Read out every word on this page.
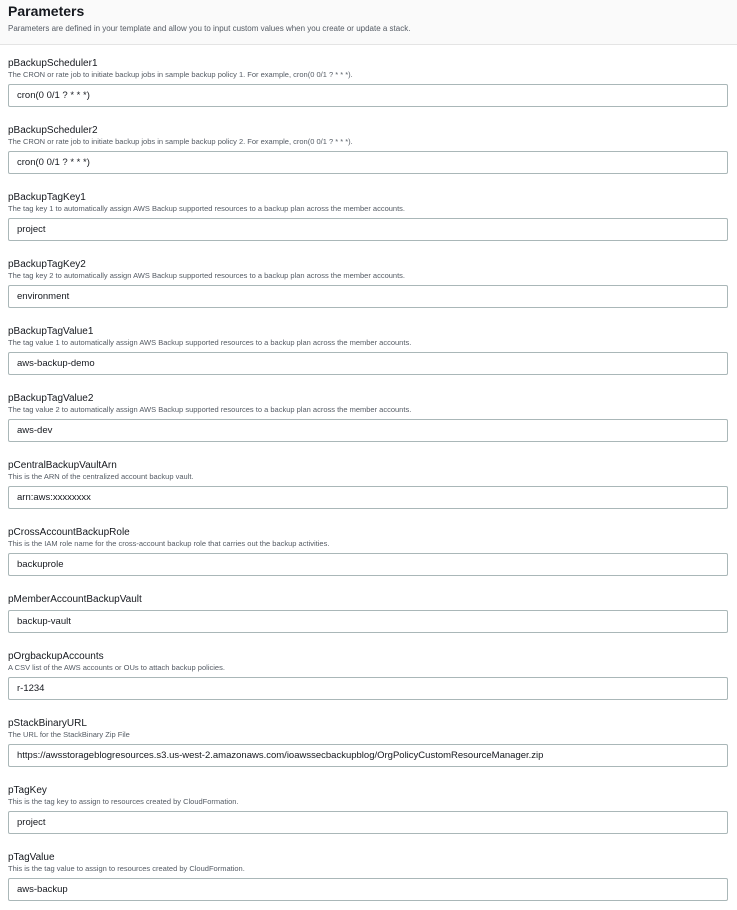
Parameters

Parameters are defined in your template and allow you to input custom values when you create or update a stack.

pBackupScheduler1
The CRON or rate job to initiate backup jobs in sample backup policy 1. For example, cron(0 0/1 ? * * *).
cron(0 0/1 ? * * *)
pBackupScheduler2
The CRON or rate job to initiate backup jobs in sample backup policy 2. For example, cron(0 0/1 ? * * *).
cron(0 0/1 ? * * *)
pBackupTagKey1
The tag key 1 to automatically assign AWS Backup supported resources to a backup plan across the member accounts.
project
pBackupTagKey2
The tag key 2 to automatically assign AWS Backup supported resources to a backup plan across the member accounts.
environment
pBackupTagValue1
The tag value 1 to automatically assign AWS Backup supported resources to a backup plan across the member accounts.
aws-backup-demo
pBackupTagValue2
The tag value 2 to automatically assign AWS Backup supported resources to a backup plan across the member accounts.
aws-dev
pCentralBackupVaultArn
This is the ARN of the centralized account backup vault.
arn:aws:xxxxxxxx
pCrossAccountBackupRole
This is the IAM role name for the cross-account backup role that carries out the backup activities.
backuprole
pMemberAccountBackupVault
backup-vault
pOrgbackupAccounts
A CSV list of the AWS accounts or OUs to attach backup policies.
r-1234
pStackBinaryURL
The URL for the StackBinary Zip File
https://awsstorageblogresources.s3.us-west-2.amazonaws.com/ioawssecbackupblog/OrgPolicyCustomResourceManager.zip
pTagKey
This is the tag key to assign to resources created by CloudFormation.
project
pTagValue
This is the tag value to assign to resources created by CloudFormation.
aws-backup
